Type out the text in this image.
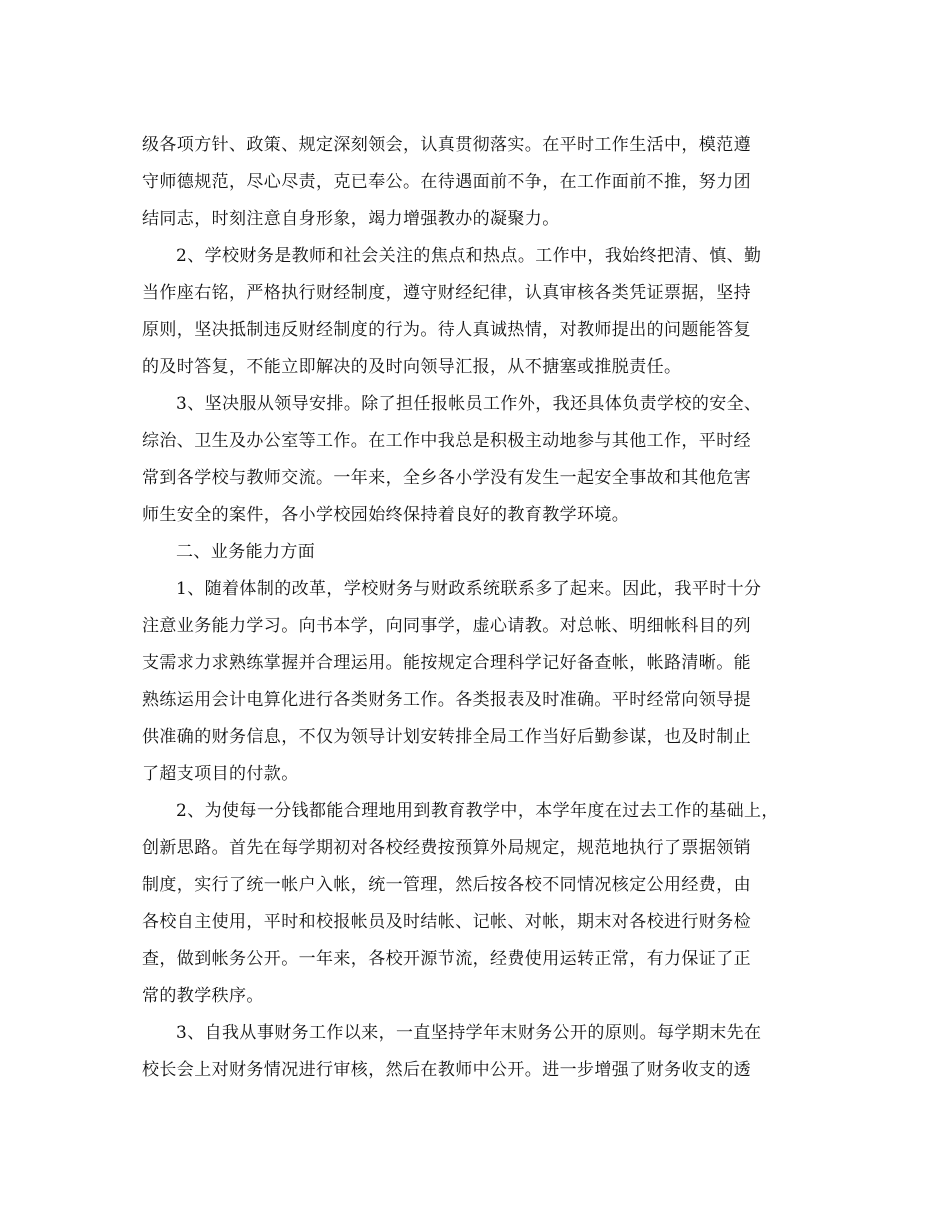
级各项方针、政策、规定深刻领会，认真贯彻落实。在平时工作生活中，模范遵
守师德规范，尽心尽责，克已奉公。在待遇面前不争，在工作面前不推，努力团
结同志，时刻注意自身形象，竭力增强教办的凝聚力。
2、学校财务是教师和社会关注的焦点和热点。工作中，我始终把清、慎、勤
当作座右铭，严格执行财经制度，遵守财经纪律，认真审核各类凭证票据，坚持
原则，坚决抵制违反财经制度的行为。待人真诚热情，对教师提出的问题能答复
的及时答复，不能立即解决的及时向领导汇报，从不搪塞或推脱责任。
3、坚决服从领导安排。除了担任报帐员工作外，我还具体负责学校的安全、
综治、卫生及办公室等工作。在工作中我总是积极主动地参与其他工作，平时经
常到各学校与教师交流。一年来，全乡各小学没有发生一起安全事故和其他危害
师生安全的案件，各小学校园始终保持着良好的教育教学环境。
二、业务能力方面
1、随着体制的改革，学校财务与财政系统联系多了起来。因此，我平时十分
注意业务能力学习。向书本学，向同事学，虚心请教。对总帐、明细帐科目的列
支需求力求熟练掌握并合理运用。能按规定合理科学记好备查帐，帐路清晰。能
熟练运用会计电算化进行各类财务工作。各类报表及时准确。平时经常向领导提
供准确的财务信息，不仅为领导计划安转排全局工作当好后勤参谋，也及时制止
了超支项目的付款。
2、为使每一分钱都能合理地用到教育教学中，本学年度在过去工作的基础上，
创新思路。首先在每学期初对各校经费按预算外局规定，规范地执行了票据领销
制度，实行了统一帐户入帐，统一管理，然后按各校不同情况核定公用经费，由
各校自主使用，平时和校报帐员及时结帐、记帐、对帐，期末对各校进行财务检
查，做到帐务公开。一年来，各校开源节流，经费使用运转正常，有力保证了正
常的教学秩序。
3、自我从事财务工作以来，一直坚持学年末财务公开的原则。每学期末先在
校长会上对财务情况进行审核，然后在教师中公开。进一步增强了财务收支的透
